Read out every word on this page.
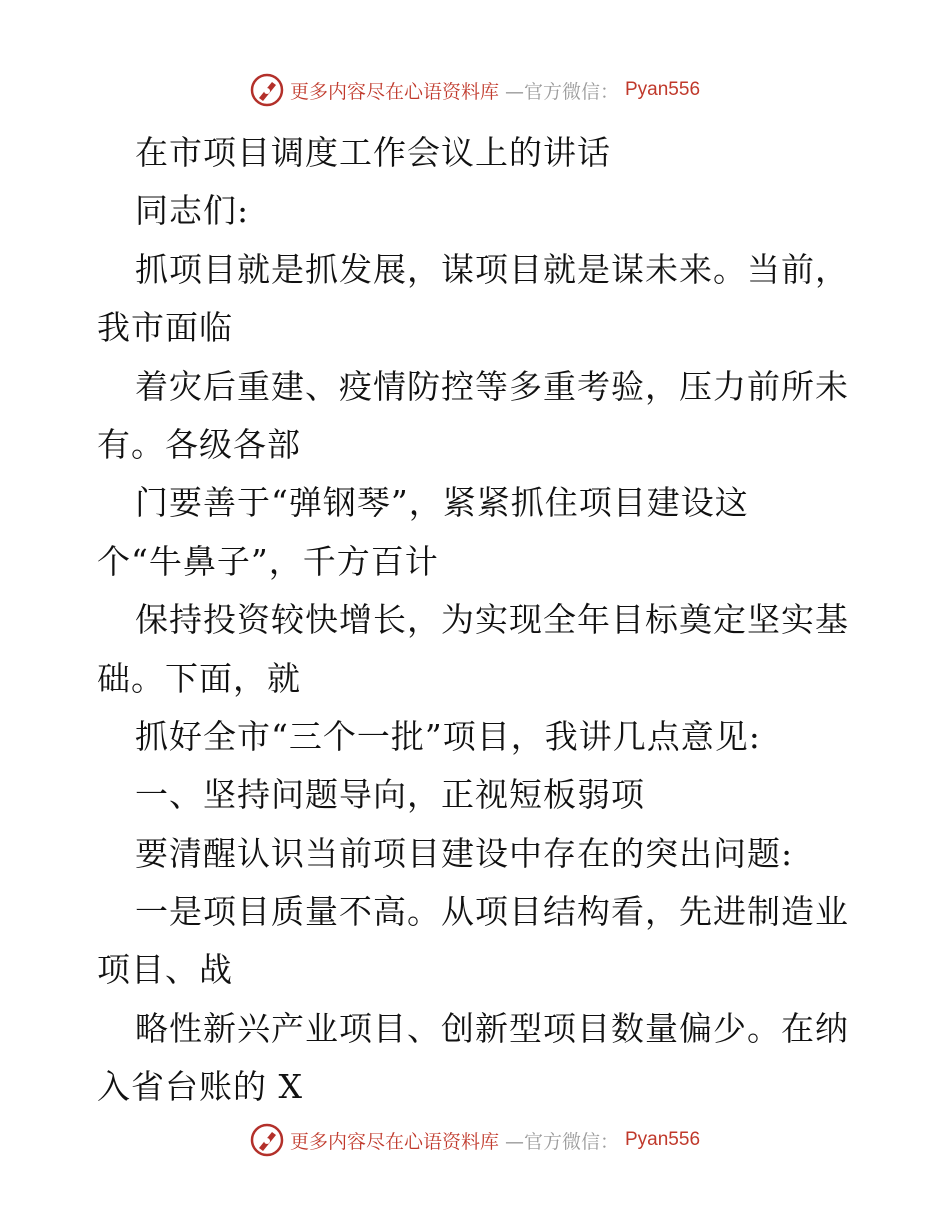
更多内容尽在心语资料库 —官方微信： Pyan556
在市项目调度工作会议上的讲话
同志们:
抓项目就是抓发展，谋项目就是谋未来。当前，
我市面临
着灾后重建、疫情防控等多重考验，压力前所未
有。各级各部
门要善于“弹钢琴”，紧紧抓住项目建设这
个“牛鼻子”，千方百计
保持投资较快增长，为实现全年目标奠定坚实基
础。下面，就
抓好全市“三个一批”项目，我讲几点意见:
一、坚持问题导向，正视短板弱项
要清醒认识当前项目建设中存在的突出问题:
一是项目质量不高。从项目结构看，先进制造业
项目、战
略性新兴产业项目、创新型项目数量偏少。在纳
入省台账的 X
更多内容尽在心语资料库 —官方微信： Pyan556
